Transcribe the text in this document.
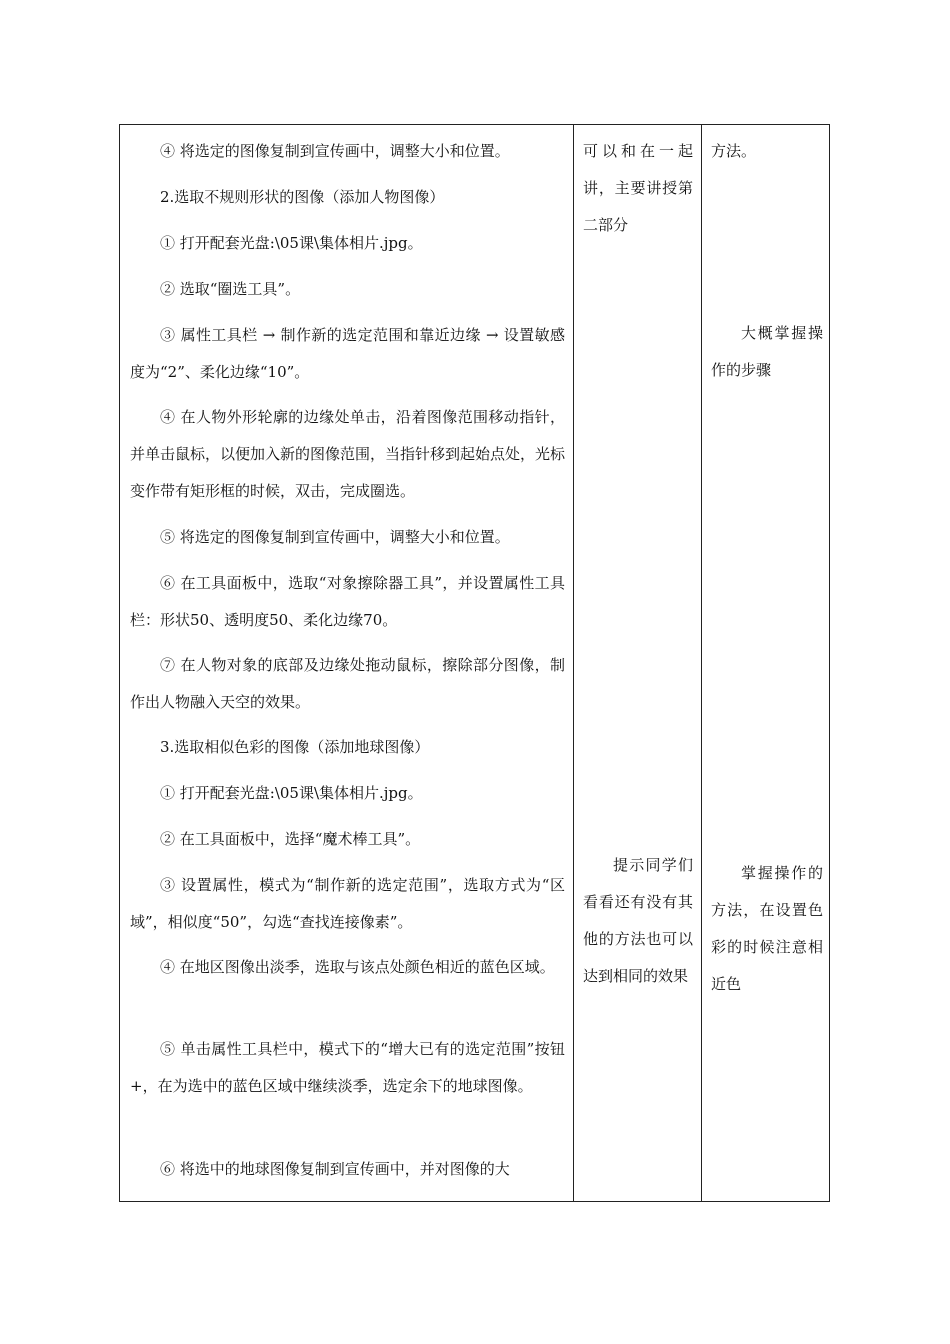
④ 将选定的图像复制到宣传画中，调整大小和位置。

2.选取不规则形状的图像（添加人物图像）

① 打开配套光盘:\05课\集体相片.jpg。

② 选取“圈选工具”。

③ 属性工具栏 → 制作新的选定范围和靠近边缘 → 设置敏感度为“2”、柔化边缘“10”。

④ 在人物外形轮廓的边缘处单击，沿着图像范围移动指针，并单击鼠标，以便加入新的图像范围，当指针移到起始点处，光标变作带有矩形框的时候，双击，完成圈选。

⑤ 将选定的图像复制到宣传画中，调整大小和位置。

⑥ 在工具面板中，选取“对象擦除器工具”，并设置属性工具栏：形状50、透明度50、柔化边缘70。

⑦ 在人物对象的底部及边缘处拖动鼠标，擦除部分图像，制作出人物融入天空的效果。

3.选取相似色彩的图像（添加地球图像）

① 打开配套光盘:\05课\集体相片.jpg。

② 在工具面板中，选择“魔术棒工具”。

③ 设置属性，模式为“制作新的选定范围”，选取方式为“区域”，相似度“50”，勾选“查找连接像素”。

④ 在地区图像出淡季，选取与该点处颜色相近的蓝色区域。

⑤ 单击属性工具栏中，模式下的“增大已有的选定范围”按钮+，在为选中的蓝色区域中继续淡季，选定余下的地球图像。

⑥ 将选中的地球图像复制到宣传画中，并对图像的大

可以和在一起讲，主要讲授第二部分

提示同学们看看还有没有其他的方法也可以达到相同的效果

方法。

大概掌握操作的步骤

掌握操作的方法，在设置色彩的时候注意相近色
